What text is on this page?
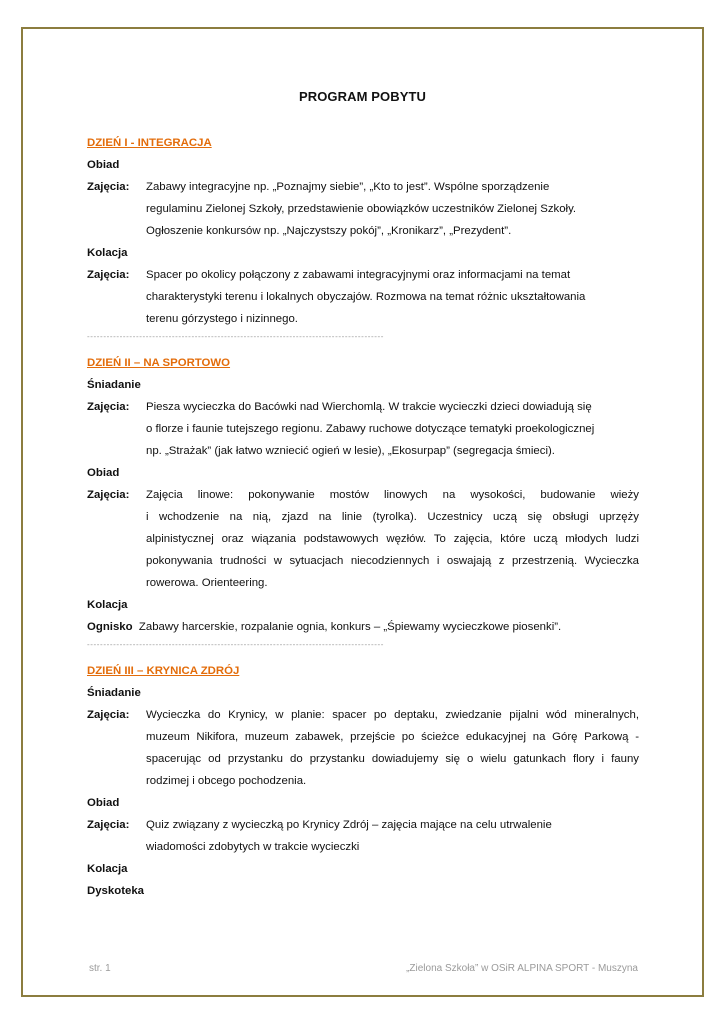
PROGRAM POBYTU
DZIEŃ I - INTEGRACJA
Obiad
Zajęcia: Zabawy integracyjne np. „Poznajmy siebie”, „Kto to jest”. Wspólne sporządzenie
regulaminu Zielonej Szkoły, przedstawienie obowiązków uczestników Zielonej Szkoły.
Ogłoszenie konkursów np. „Najczystszy pokój”, „Kronikarz”, „Prezydent”.
Kolacja
Zajęcia: Spacer po okolicy połączony z zabawami integracyjnymi oraz informacjami na temat
charakterystyki terenu i lokalnych obyczajów. Rozmowa na temat różnic ukształtowania
terenu górzystego i nizinnego.
-------------------------------------------------------------------------------------------
DZIEŃ II – NA SPORTOWO
Śniadanie
Zajęcia: Piesza wycieczka do Bacówki nad Wierchomlą. W trakcie wycieczki dzieci dowiadują się
o florze i faunie tutejszego regionu. Zabawy ruchowe dotyczące tematyki proekologicznej
np. „Strażak” (jak łatwo wzniecić ogień w lesie), „Ekosurpap” (segregacja śmieci).
Obiad
Zajęcia: Zajęcia linowe: pokonywanie mostów linowych na wysokości, budowanie wieży
i wchodzenie na nią, zjazd na linie (tyrolka). Uczestnicy uczą się obsługi uprzęży
alpinistycznej oraz wiązania podstawowych węzłów. To zajęcia, które uczą młodych ludzi
pokonywania trudności w sytuacjach niecodziennych i oswajają z przestrzenią. Wycieczka
rowerowa. Orienteering.
Kolacja
Ognisko Zabawy harcerskie, rozpalanie ognia, konkurs – „Śpiewamy wycieczkowe piosenki”.
-------------------------------------------------------------------------------------------
DZIEŃ III – KRYNICA ZDRÓJ
Śniadanie
Zajęcia: Wycieczka do Krynicy, w planie: spacer po deptaku, zwiedzanie pijalni wód mineralnych,
muzeum Nikifora, muzeum zabawek, przejście po ścieżce edukacyjnej na Górę Parkową -
spacerując od przystanku do przystanku dowiadujemy się o wielu gatunkach flory i fauny
rodzimej i obcego pochodzenia.
Obiad
Zajęcia: Quiz związany z wycieczką po Krynicy Zdrój – zajęcia mające na celu utrwalenie
wiadomości zdobytych w trakcie wycieczki
Kolacja
Dyskoteka
str. 1	„Zielona Szkoła” w OSiR ALPINA SPORT - Muszyna
